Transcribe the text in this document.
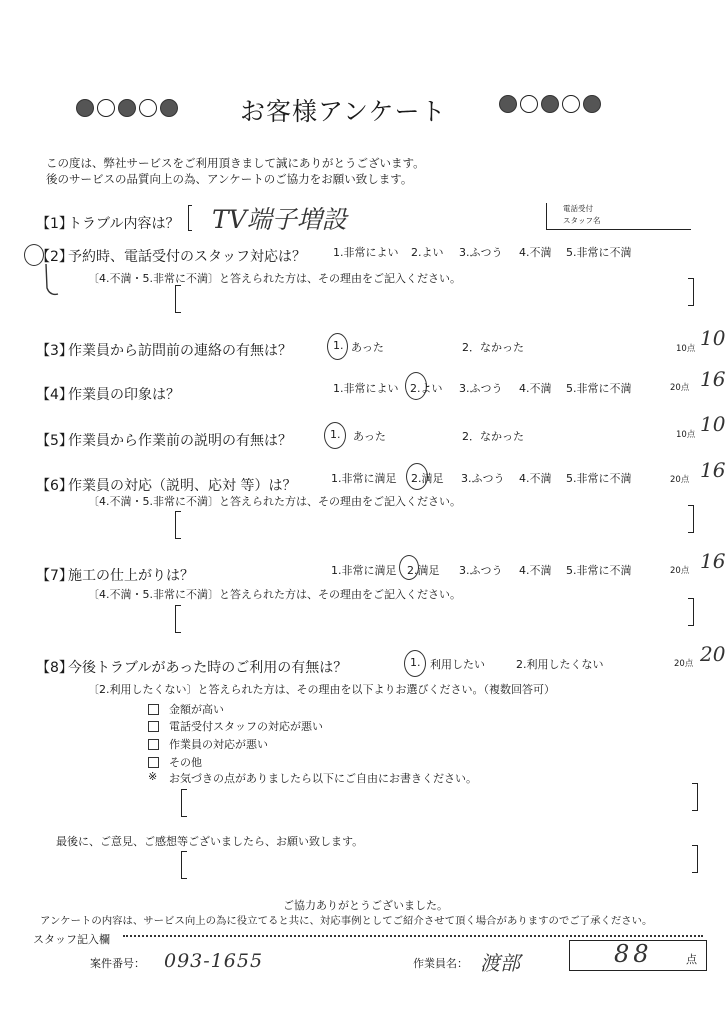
お客様アンケート
この度は、弊社サービスをご利用頂きまして誠にありがとうございます。
後のサービスの品質向上の為、アンケートのご協力をお願い致します。
【1】
トラブル内容は？ TV端子増設	電話受付
スタッフ名
【2】
予約時、電話受付のスタッフ対応は？ 1.非常によい 2.よい 3.ふつう 4.不満 5.非常に不満
〔4.不満・5.非常に不満〕と答えられた方は、その理由をご記入ください。
【3】
作業員から訪問前の連絡の有無は？	1. あった	2．なかった	10点 10
【4】
作業員の印象は？	1.非常によい 2.よい 3.ふつう 4.不満 5.非常に不満	20点 16
【5】
作業員から作業前の説明の有無は？	1. あった	2．なかった	10点 10
【6】
作業員の対応（説明、応対 等）は？	1.非常に満足 2.満足 3.ふつう 4.不満 5.非常に不満	20点 16
〔4.不満・5.非常に不満〕と答えられた方は、その理由をご記入ください。
【7】
施工の仕上がりは？	1.非常に満足 2.満足 3.ふつう 4.不満 5.非常に不満	20点 16
〔4.不満・5.非常に不満〕と答えられた方は、その理由をご記入ください。
【8】
今後トラブルがあった時のご利用の有無は？	1. 利用したい	2.利用したくない	20点 20
〔2.利用したくない〕と答えられた方は、その理由を以下よりお選びください。（複数回答可）
金額が高い
電話受付スタッフの対応が悪い
作業員の対応が悪い
その他
※ お気づきの点がありましたら以下にご自由にお書きください。
最後に、ご意見、ご感想等ございましたら、お願い致します。
ご協力ありがとうございました。
アンケートの内容は、サービス向上の為に役立てると共に、対応事例としてご紹介させて頂く場合がありますのでご了承ください。
スタッフ記入欄
案件番号： 093-1655	作業員名： 渡部	88	点
